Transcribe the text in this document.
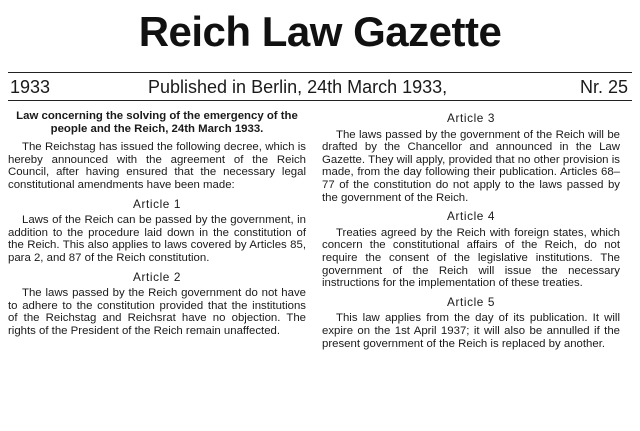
Reich Law Gazette
1933	Published in Berlin, 24th March 1933,	Nr. 25
Law concerning the solving of the emergency of the people and the Reich, 24th March 1933.

The Reichstag has issued the following decree, which is hereby announced with the agreement of the Reich Council, after having ensured that the necessary legal constitutional amendments have been made:

Article 1

Laws of the Reich can be passed by the government, in addition to the procedure laid down in the constitution of the Reich. This also applies to laws covered by Articles 85, para 2, and 87 of the Reich constitution.

Article 2

The laws passed by the Reich government do not have to adhere to the constitution provided that the institutions of the Reichstag and Reichsrat have no objection. The rights of the President of the Reich remain unaffected.

Article 3

The laws passed by the government of the Reich will be drafted by the Chancellor and announced in the Law Gazette. They will apply, provided that no other provision is made, from the day following their publication. Articles 68–77 of the constitution do not apply to the laws passed by the government of the Reich.

Article 4

Treaties agreed by the Reich with foreign states, which concern the constitutional affairs of the Reich, do not require the consent of the legislative institutions. The government of the Reich will issue the necessary instructions for the implementation of these treaties.

Article 5

This law applies from the day of its publication. It will expire on the 1st April 1937; it will also be annulled if the present government of the Reich is replaced by another.
